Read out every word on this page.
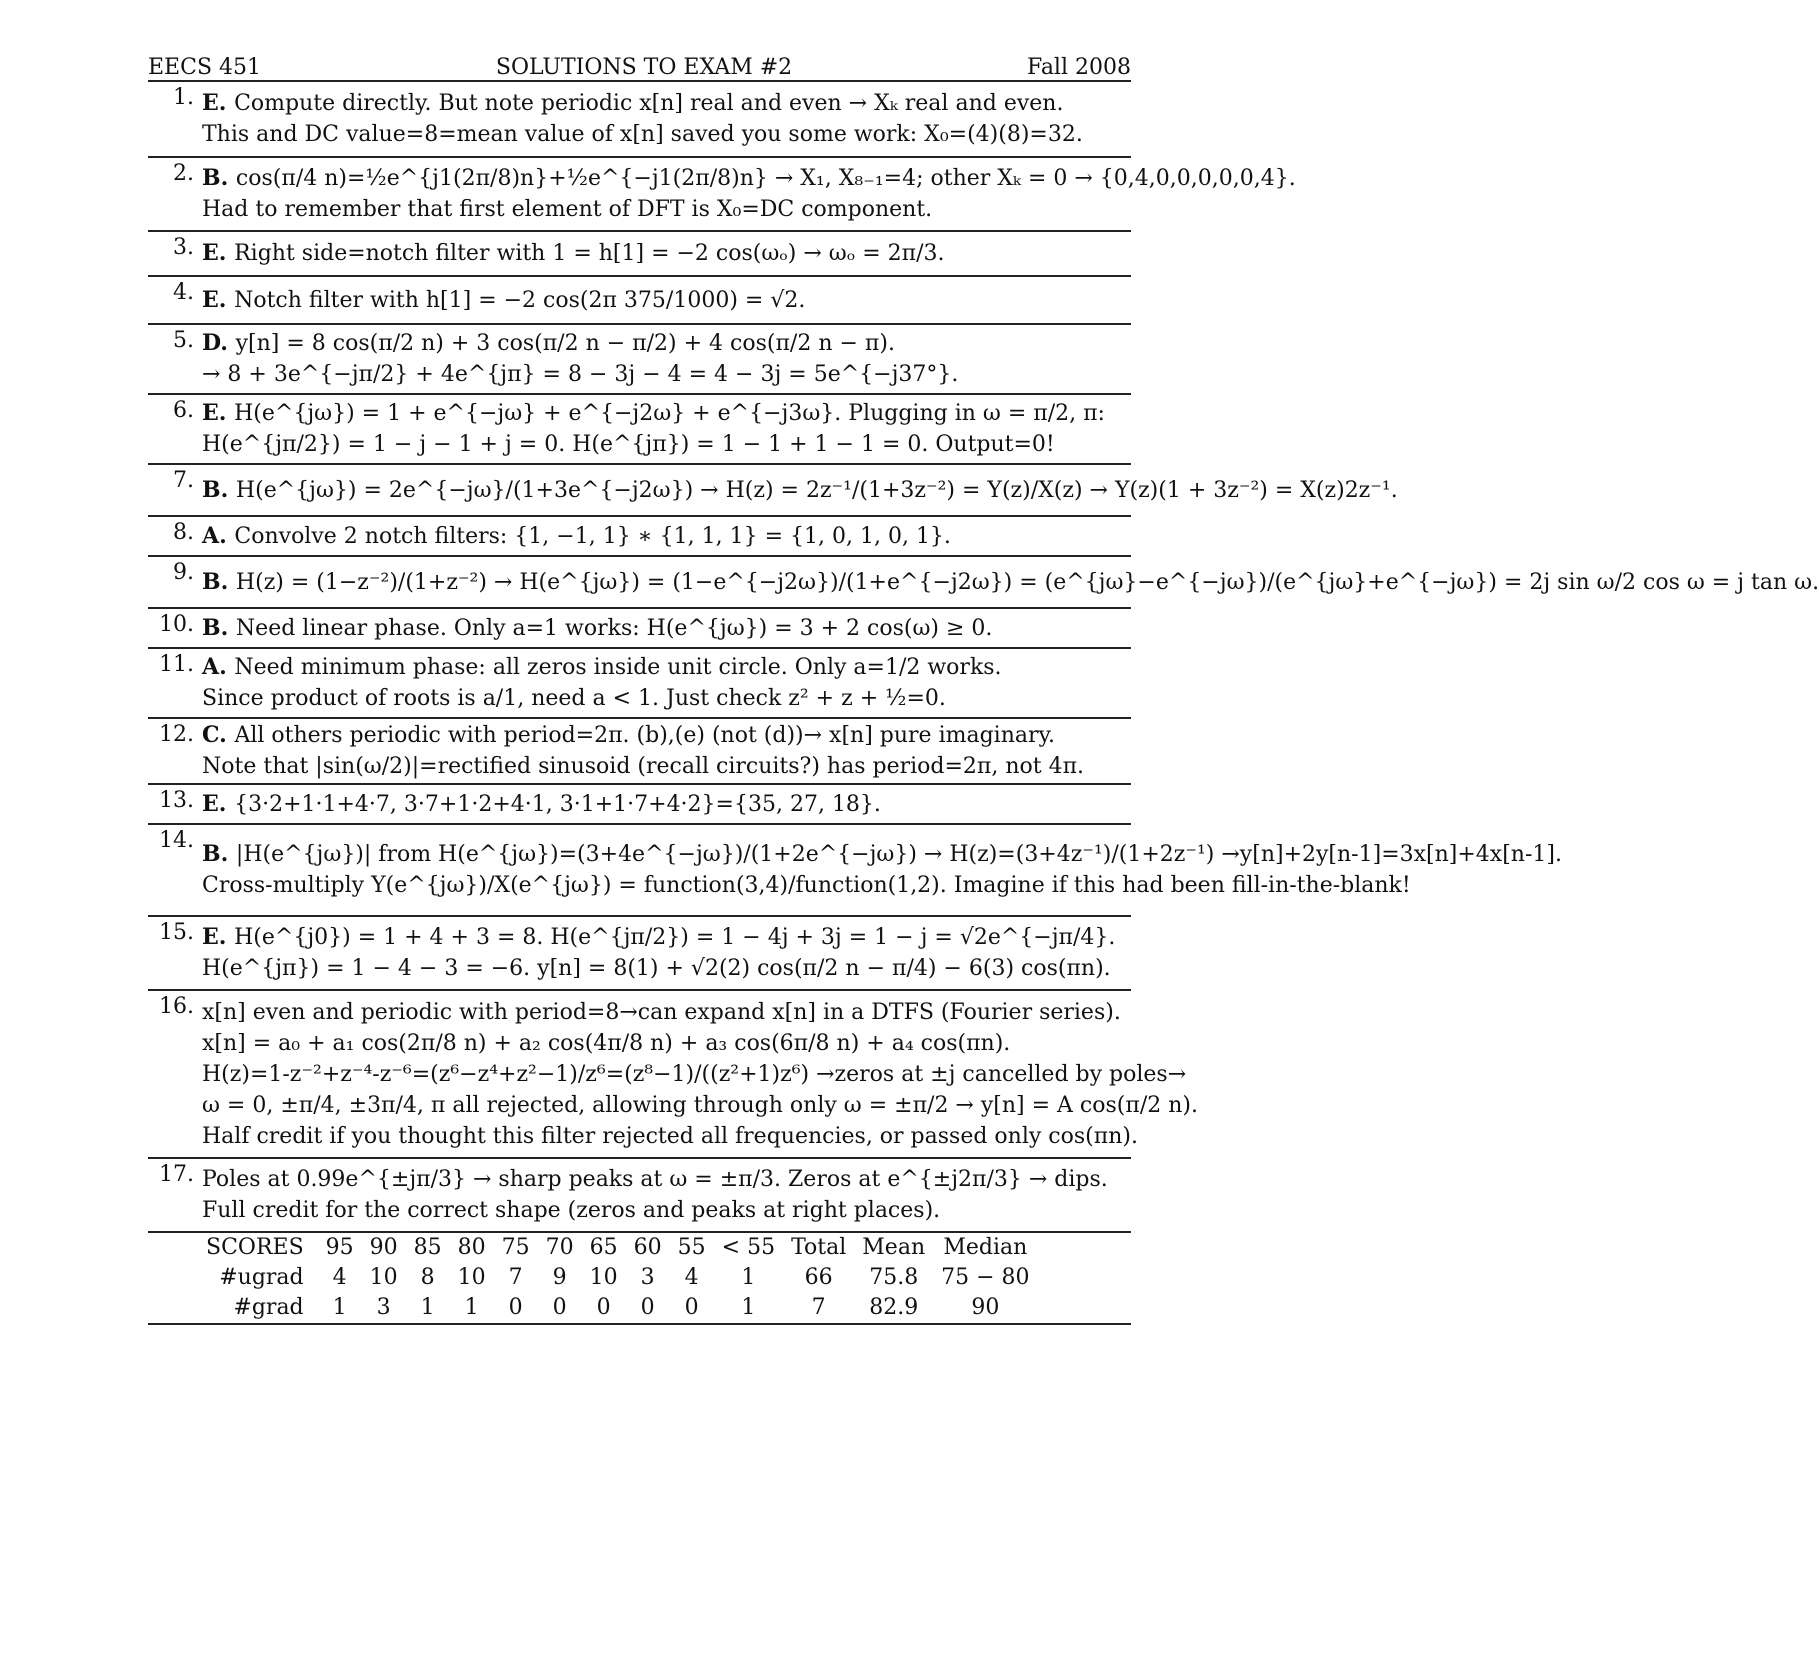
EECS 451	SOLUTIONS TO EXAM #2	Fall 2008
1. E. Compute directly. But note periodic x[n] real and even → Xₖ real and even.
This and DC value=8=mean value of x[n] saved you some work: X₀=(4)(8)=32.
2. B. cos(π/4 n)=½e^{j1(2π/8)n}+½e^{−j1(2π/8)n} → X₁, X₈₋₁=4; other Xₖ = 0 → {0,4,0,0,0,0,0,4}.
Had to remember that first element of DFT is X₀=DC component.
3. E. Right side=notch filter with 1 = h[1] = −2 cos(ωₒ) → ωₒ = 2π/3.
4. E. Notch filter with h[1] = −2 cos(2π 375/1000) = √2.
5. D. y[n] = 8 cos(π/2 n) + 3 cos(π/2 n − π/2) + 4 cos(π/2 n − π).
→ 8 + 3e^{−jπ/2} + 4e^{jπ} = 8 − 3j − 4 = 4 − 3j = 5e^{−j37°}.
6. E. H(e^{jω}) = 1 + e^{−jω} + e^{−j2ω} + e^{−j3ω}. Plugging in ω = π/2, π:
H(e^{jπ/2}) = 1 − j − 1 + j = 0. H(e^{jπ}) = 1 − 1 + 1 − 1 = 0. Output=0!
7. B. H(e^{jω}) = 2e^{−jω}/(1+3e^{−j2ω}) → H(z) = 2z⁻¹/(1+3z⁻²) = Y(z)/X(z) → Y(z)(1 + 3z⁻²) = X(z)2z⁻¹.
8. A. Convolve 2 notch filters: {1, −1, 1} ∗ {1, 1, 1} = {1, 0, 1, 0, 1}.
9. B. H(z) = (1−z⁻²)/(1+z⁻²) → H(e^{jω}) = (1−e^{−j2ω})/(1+e^{−j2ω}) = (e^{jω}−e^{−jω})/(e^{jω}+e^{−jω}) = 2j sin ω/2 cos ω = j tan ω.
10. B. Need linear phase. Only a=1 works: H(e^{jω}) = 3 + 2 cos(ω) ≥ 0.
11. A. Need minimum phase: all zeros inside unit circle. Only a=1/2 works.
Since product of roots is a/1, need a < 1. Just check z² + z + ½=0.
12. C. All others periodic with period=2π. (b),(e) (not (d))→ x[n] pure imaginary.
Note that |sin(ω/2)|=rectified sinusoid (recall circuits?) has period=2π, not 4π.
13. E. {3·2+1·1+4·7, 3·7+1·2+4·1, 3·1+1·7+4·2}={35, 27, 18}.
14.
B. |H(e^{jω})| from H(e^{jω})=(3+4e^{−jω})/(1+2e^{−jω}) → H(z)=(3+4z⁻¹)/(1+2z⁻¹) →y[n]+2y[n-1]=3x[n]+4x[n-1].
Cross-multiply Y(e^{jω})/X(e^{jω}) = function(3,4)/function(1,2). Imagine if this had been fill-in-the-blank!
15. E. H(e^{j0}) = 1 + 4 + 3 = 8. H(e^{jπ/2}) = 1 − 4j + 3j = 1 − j = √2e^{−jπ/4}.
H(e^{jπ}) = 1 − 4 − 3 = −6. y[n] = 8(1) + √2(2) cos(π/2 n − π/4) − 6(3) cos(πn).
16. x[n] even and periodic with period=8→can expand x[n] in a DTFS (Fourier series).
x[n] = a₀ + a₁ cos(2π/8 n) + a₂ cos(4π/8 n) + a₃ cos(6π/8 n) + a₄ cos(πn).
H(z)=1-z⁻²+z⁻⁴-z⁻⁶=(z⁶−z⁴+z²−1)/z⁶=(z⁸−1)/((z²+1)z⁶) →zeros at ±j cancelled by poles→
ω = 0, ±π/4, ±3π/4, π all rejected, allowing through only ω = ±π/2 → y[n] = A cos(π/2 n).
Half credit if you thought this filter rejected all frequencies, or passed only cos(πn).
17. Poles at 0.99e^{±jπ/3} → sharp peaks at ω = ±π/3. Zeros at e^{±j2π/3} → dips.
Full credit for the correct shape (zeros and peaks at right places).
SCORES	95	90	85	80	75	70	65	60	55	< 55	Total	Mean	Median
#ugrad	4	10	8	10	7	9	10	3	4	1	66	75.8	75 − 80
#grad	1	3	1	1	0	0	0	0	0	1	7	82.9	90
